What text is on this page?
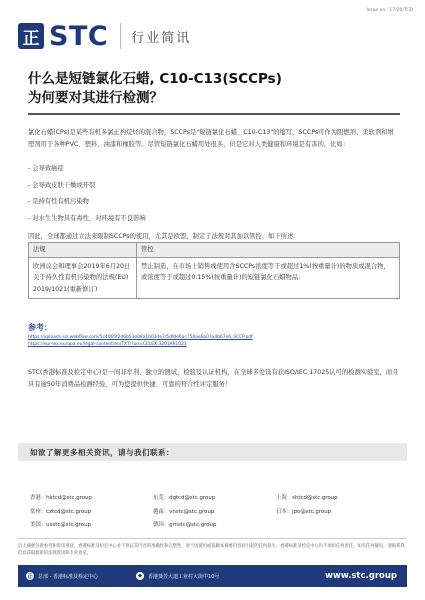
Issue no.: 17/20/TCD
正 STC 行业简讯
什么是短链氯化石蜡, C10-C13(SCCPs)
为何要对其进行检测？
氯化石蜡(CPs)是某些有机多氯正构烷烃的混合物，SCCPs是"短链氯化石蜡，C10-C13"的缩写。SCCPs可作为阻燃剂、柔软剂和增塑剂用于各种PVC、塑料、油漆和橡胶等。尽管短链氯化石蜡用处很多，但是它对人类健康和环境是有害的，比如：
- 会导致癌症
- 会导致皮肤干燥或开裂
- 是持有性有机污染物
- 对水生生物具有毒性，对环境有不良影响
因此，全球都通过立法来限制SCCPs的使用，尤其是欧盟，制定了法规对其加以管控，如下所述：
法规	管控
欧洲议会和理事会2019年6月20日关于持久性有机污染物的法规(EU) 2019/1021(重新修订)	禁止制造，在市场上销售或使用含SCCPs浓度等于或超过1%(按重量计)的物质或混合物，或浓度等于或超过0.15%(按重量计)的短链氯化石蜡物品.
参考：
https://uploads-ssl.webflow.com/5c4065f2d6b53e08a1b03de7/5dfde6ac758ae6a07a4b67e6_SCCP.pdf
https://eur-lex.europa.eu/legal-content/en/TXT/?uri=CELEX:32019R1021
STC(香港标准及检定中心)是一间非牟利、独立的测试、检验及认证机构，在全球多处设有获ISO/IEC 17025认可的检测实验室，而且具有逾50年消费品检测经验，可为您提供快捷、可靠的符合性评定服务！
如欲了解更多相关资讯，请与我们联系：
香港：hktcd@stc.group	东莞：dgtcd@stc.group	上海：shtcd@stc.group
常州：cztcd@stc.group	越南：vnstc@stc.group	日本：jpo@stc.group
美国：usstc@stc.group	德国：gmstc@stc.group
以上摘要仅供参考和资讯用途，香港标准及检定中心并不保证其内容的准确性和完整性，对于因使用或依赖本摘要内容而引起的任何损失，香港标准及检定中心均不承担任何责任。如有任何疑问，请联系我们以获取最新的法规资讯和专业意见。
正 总部 - 香港标准及检定中心	◆	香港葵芳大道工业村大街中10号	www.stc.group
